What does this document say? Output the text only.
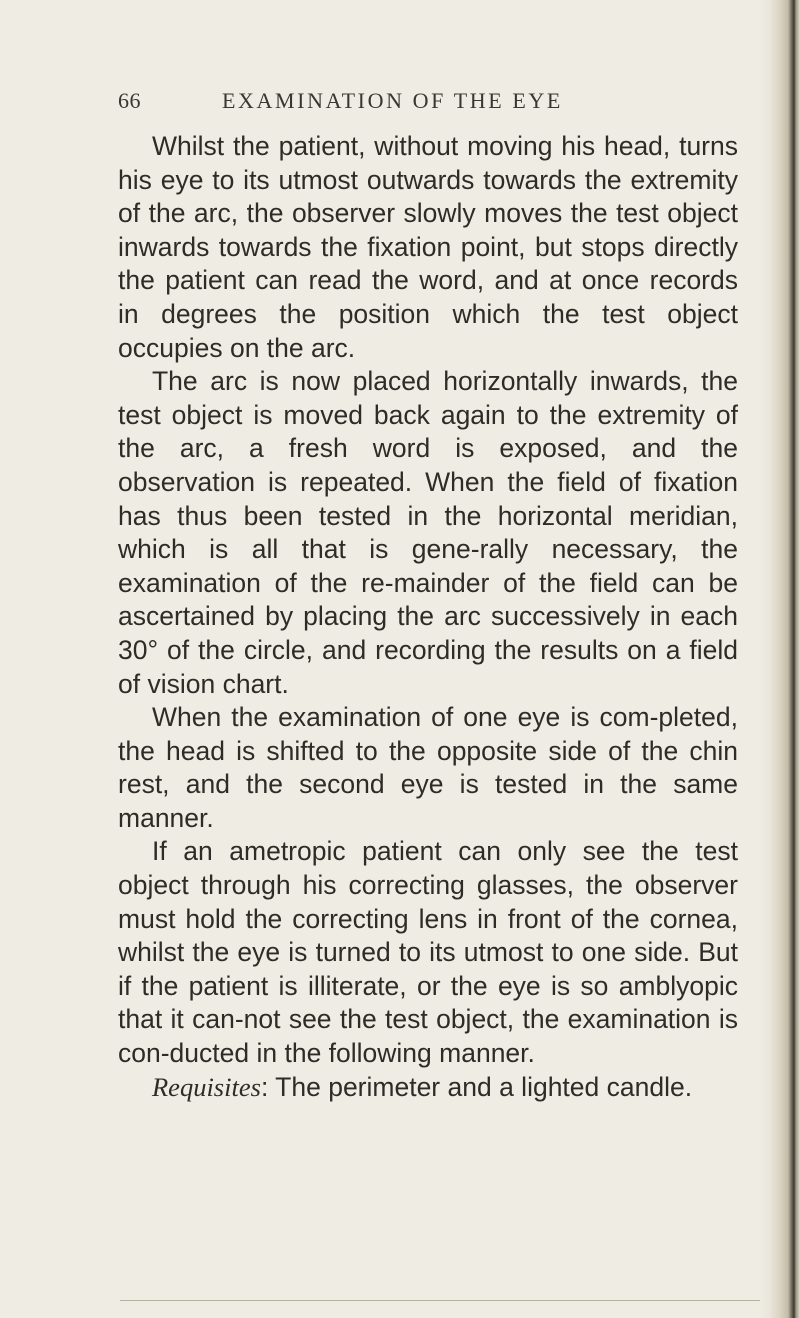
66	EXAMINATION OF THE EYE

Whilst the patient, without moving his head, turns his eye to its utmost outwards towards the extremity of the arc, the observer slowly moves the test object inwards towards the fixation point, but stops directly the patient can read the word, and at once records in degrees the position which the test object occupies on the arc.

The arc is now placed horizontally inwards, the test object is moved back again to the extremity of the arc, a fresh word is exposed, and the observation is repeated. When the field of fixation has thus been tested in the horizontal meridian, which is all that is gene-rally necessary, the examination of the re-mainder of the field can be ascertained by placing the arc successively in each 30° of the circle, and recording the results on a field of vision chart.

When the examination of one eye is com-pleted, the head is shifted to the opposite side of the chin rest, and the second eye is tested in the same manner.

If an ametropic patient can only see the test object through his correcting glasses, the observer must hold the correcting lens in front of the cornea, whilst the eye is turned to its utmost to one side. But if the patient is illiterate, or the eye is so amblyopic that it can-not see the test object, the examination is con-ducted in the following manner.

Requisites: The perimeter and a lighted candle.
